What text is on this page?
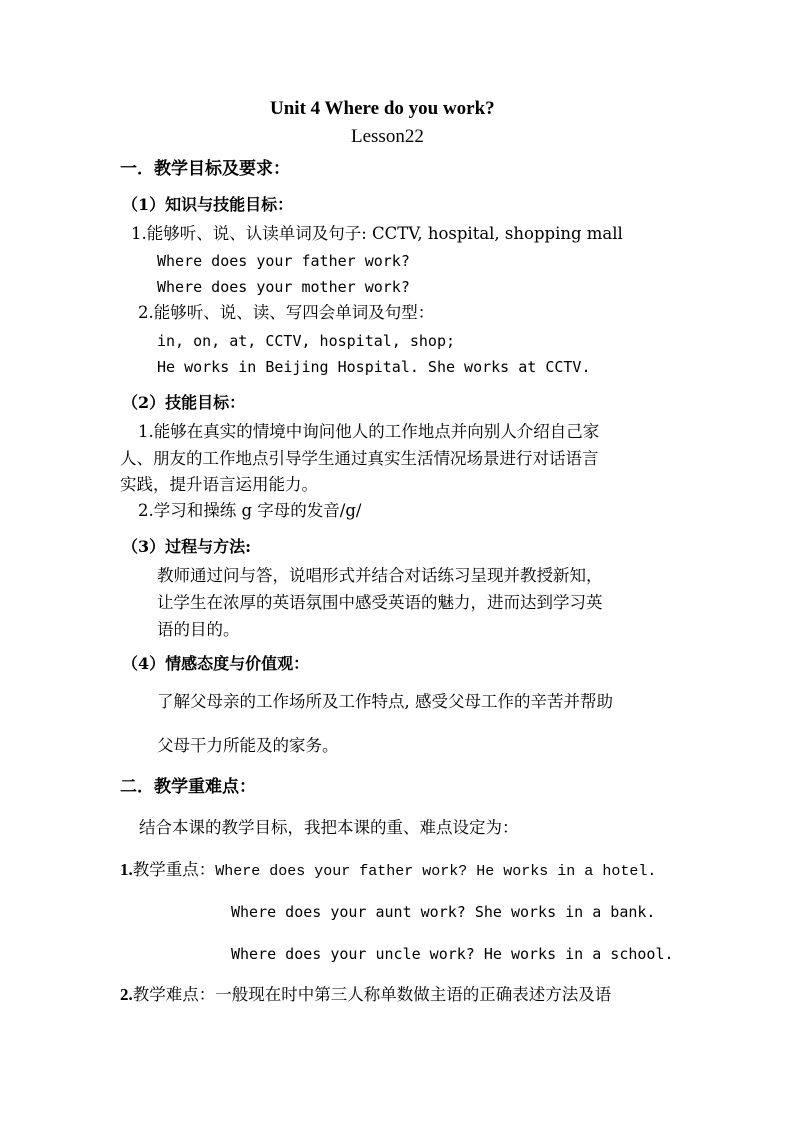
Unit 4 Where do you work?
Lesson22
一．教学目标及要求：
（1）知识与技能目标：
1.能够听、说、认读单词及句子: CCTV, hospital, shopping mall
Where does your father work?
Where does your mother work?
2.能够听、说、读、写四会单词及句型：
in, on, at, CCTV, hospital, shop;
He works in Beijing Hospital. She works at CCTV.
（2）技能目标：
1.能够在真实的情境中询问他人的工作地点并向别人介绍自己家
人、朋友的工作地点引导学生通过真实生活情况场景进行对话语言
实践，提升语言运用能力。
2.学习和操练 g 字母的发音/g/
（3）过程与方法:
教师通过问与答，说唱形式并结合对话练习呈现并教授新知，
让学生在浓厚的英语氛围中感受英语的魅力，进而达到学习英
语的目的。
（4）情感态度与价值观：
了解父母亲的工作场所及工作特点, 感受父母工作的辛苦并帮助
父母干力所能及的家务。
二．教学重难点：
结合本课的教学目标，我把本课的重、难点设定为：
1.教学重点：Where does your father work? He works in a hotel.
Where does your aunt work? She works in a bank.
Where does your uncle work? He works in a school.
2.教学难点：一般现在时中第三人称单数做主语的正确表述方法及语
